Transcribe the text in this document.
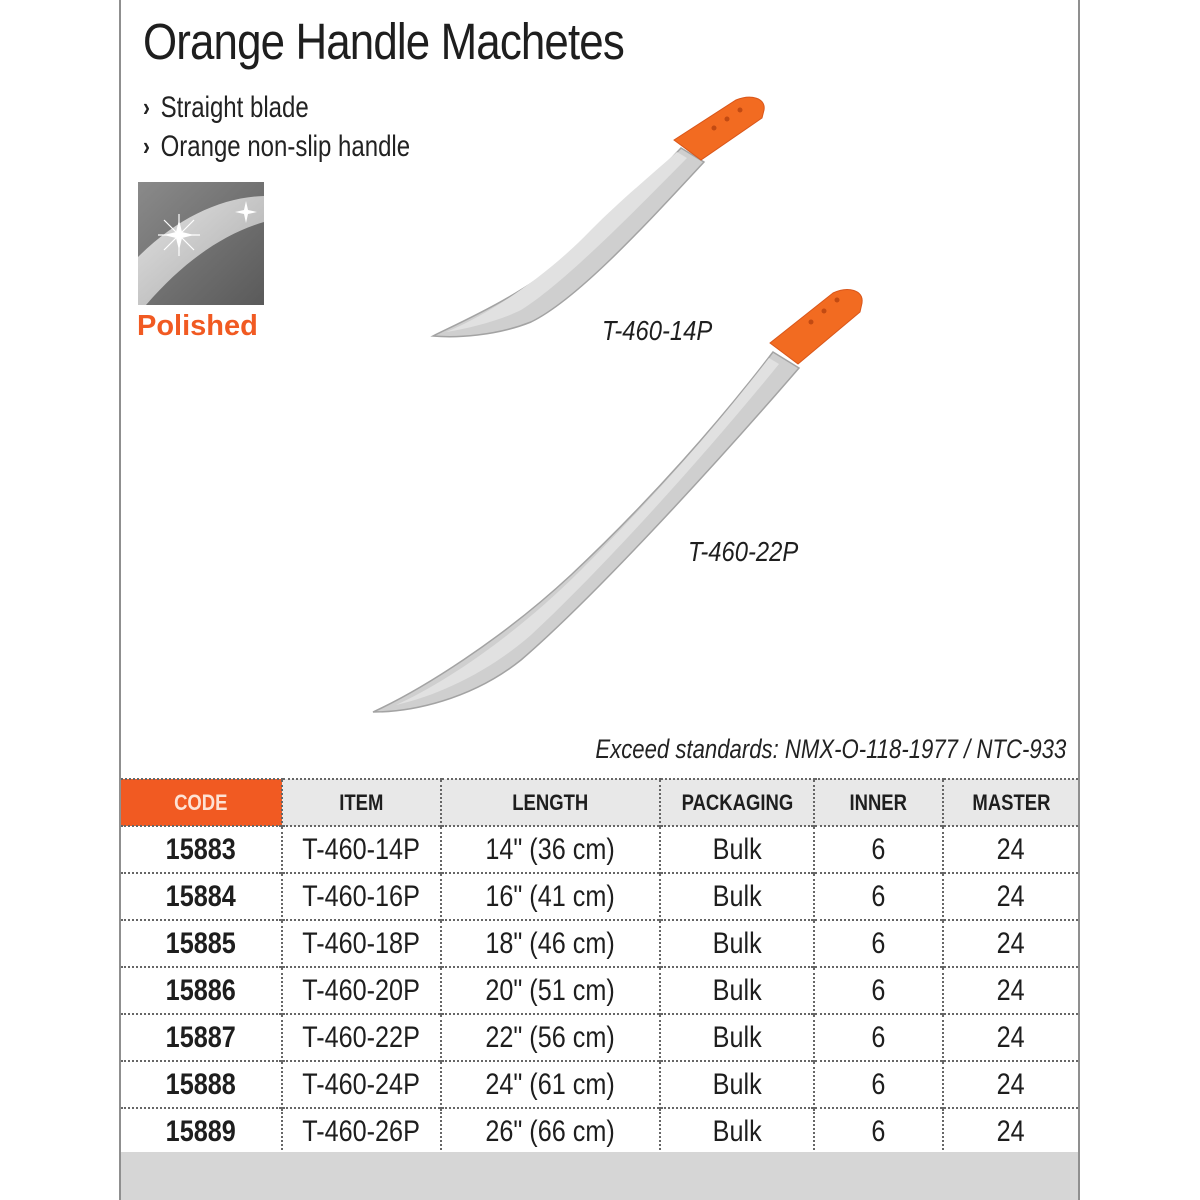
Orange Handle Machetes
› Straight blade
› Orange non-slip handle
Polished	T-460-14P
T-460-22P
Exceed standards: NMX-O-118-1977 / NTC-933
CODE	ITEM	LENGTH	PACKAGING	INNER	MASTER
15883	T-460-14P	14" (36 cm)	Bulk	6	24
15884	T-460-16P	16" (41 cm)	Bulk	6	24
15885	T-460-18P	18" (46 cm)	Bulk	6	24
15886	T-460-20P	20" (51 cm)	Bulk	6	24
15887	T-460-22P	22" (56 cm)	Bulk	6	24
15888	T-460-24P	24" (61 cm)	Bulk	6	24
15889	T-460-26P	26" (66 cm)	Bulk	6	24
